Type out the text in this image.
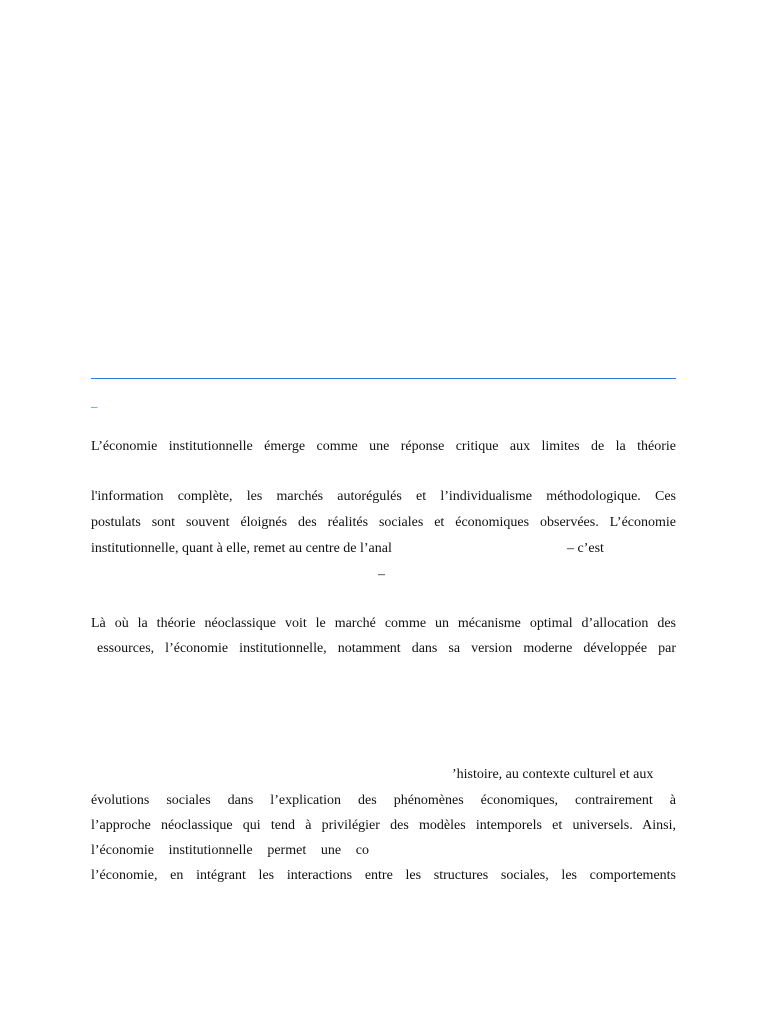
_
L’économie institutionnelle émerge comme une réponse critique aux limites de la théorie
l'information complète, les marchés autorégulés et l’individualisme méthodologique. Ces
postulats sont souvent éloignés des réalités sociales et économiques observées. L’économie
institutionnelle, quant à elle, remet au centre de l’anal	– c’est
–
Là où la théorie néoclassique voit le marché comme un mécanisme optimal d’allocation des
essources, l’économie institutionnelle, notamment dans sa version moderne développée par
’histoire, au contexte culturel et aux
évolutions sociales dans l’explication des phénomènes économiques, contrairement à
l’approche néoclassique qui tend à privilégier des modèles intemporels et universels. Ainsi,
l’économie institutionnelle permet une co
l’économie, en intégrant les interactions entre les structures sociales, les comportements
